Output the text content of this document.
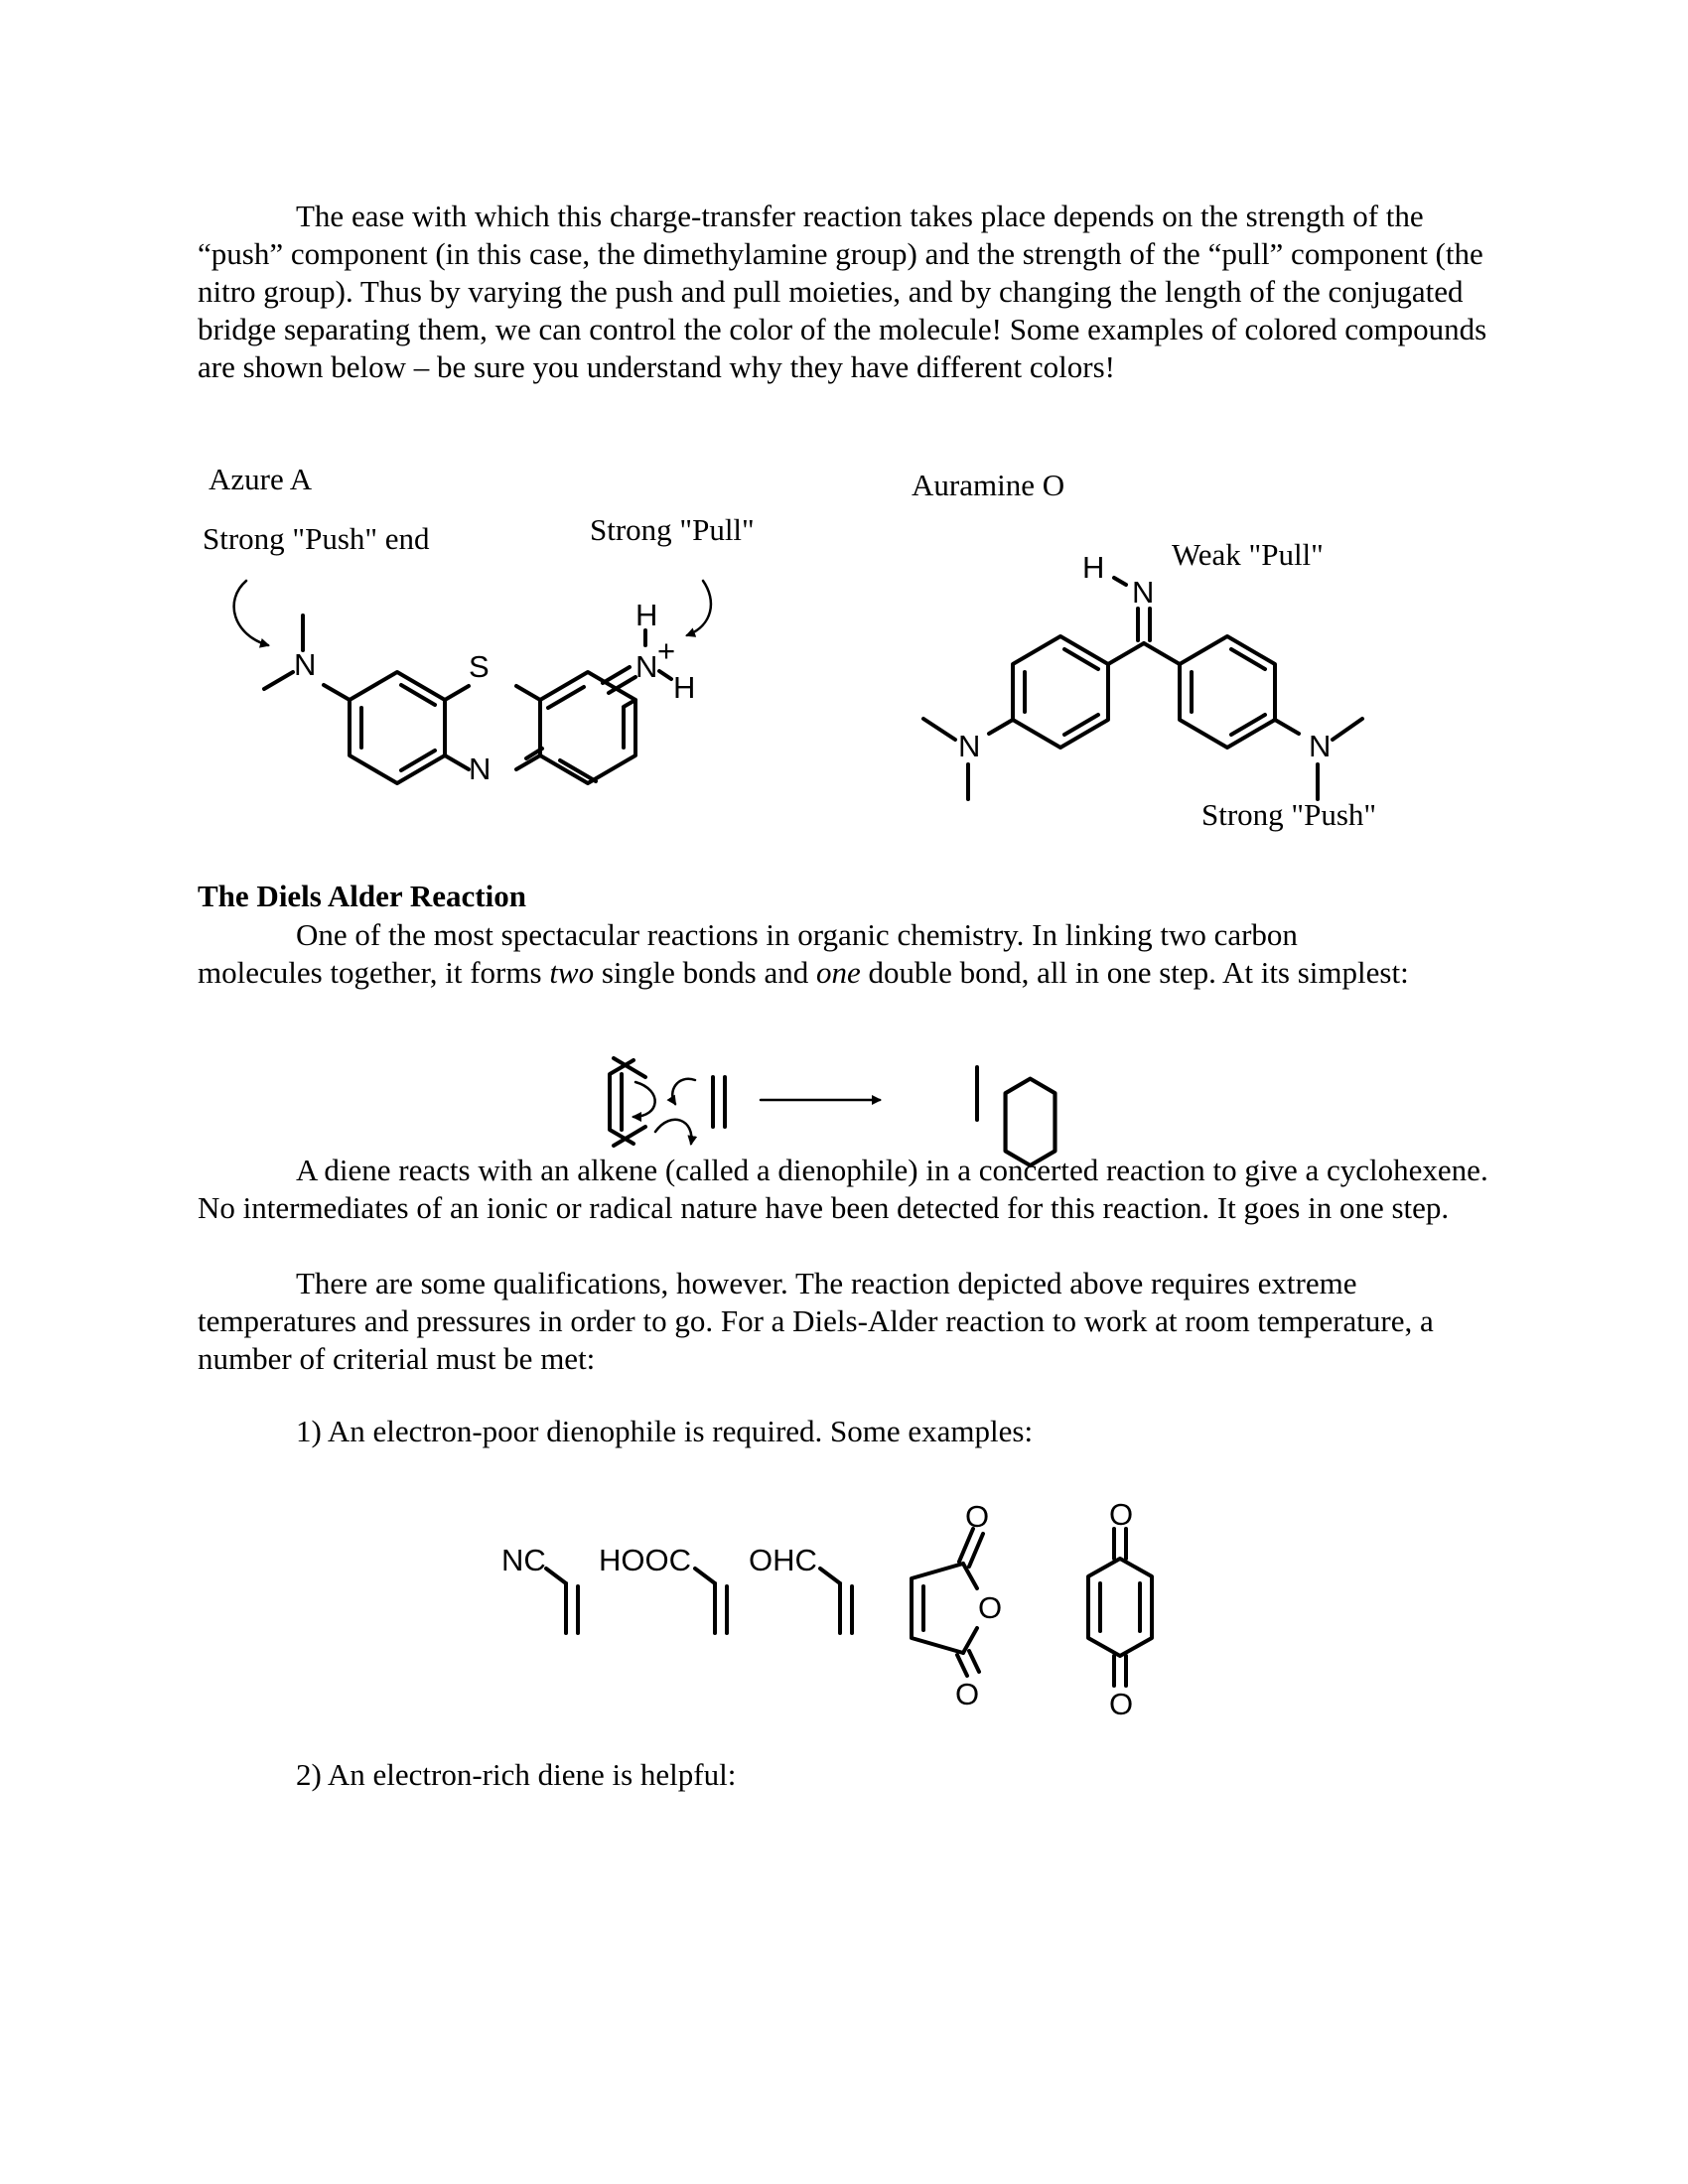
The ease with which this charge-transfer reaction takes place depends on the strength of the “push” component (in this case, the dimethylamine group) and the strength of the “pull” component (the nitro group). Thus by varying the push and pull moieties, and by changing the length of the conjugated bridge separating them, we can control the color of the molecule! Some examples of colored compounds are shown below – be sure you understand why they have different colors!

Azure A
Strong "Push" end	Strong "Pull"
Auramine O
Weak "Pull"
Strong "Push"
N	S
N
N +
H
H
H
N
N	N
NC HOOC OHC
O
O
O
O
O
The Diels Alder Reaction

One of the most spectacular reactions in organic chemistry. In linking two carbon molecules together, it forms two single bonds and one double bond, all in one step. At its simplest:

A diene reacts with an alkene (called a dienophile) in a concerted reaction to give a cyclohexene. No intermediates of an ionic or radical nature have been detected for this reaction. It goes in one step.

There are some qualifications, however. The reaction depicted above requires extreme temperatures and pressures in order to go. For a Diels-Alder reaction to work at room temperature, a number of criterial must be met:

1) An electron-poor dienophile is required. Some examples:
2) An electron-rich diene is helpful:
